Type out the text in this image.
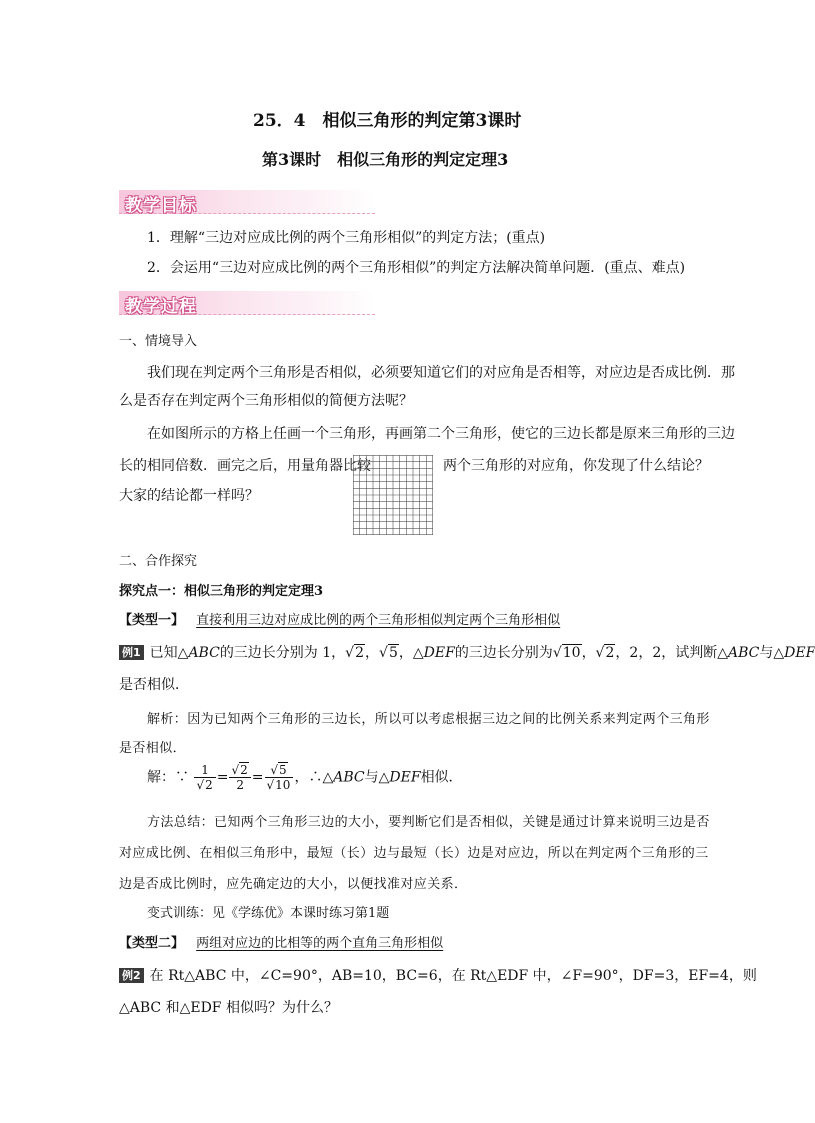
25．4　相似三角形的判定第3课时
第3课时　相似三角形的判定定理3
教学目标
1．理解“三边对应成比例的两个三角形相似”的判定方法；(重点)
2．会运用“三边对应成比例的两个三角形相似”的判定方法解决简单问题．(重点、难点)
教学过程
一、情境导入
我们现在判定两个三角形是否相似，必须要知道它们的对应角是否相等，对应边是否成比例．那
么是否存在判定两个三角形相似的简便方法呢？
在如图所示的方格上任画一个三角形，再画第二个三角形，使它的三边长都是原来三角形的三边
长的相同倍数．画完之后，用量角器比较	两个三角形的对应角，你发现了什么结论？
大家的结论都一样吗？
二、合作探究
探究点一：相似三角形的判定定理3
【类型一】 直接利用三边对应成比例的两个三角形相似判定两个三角形相似
例1 已知△ABC的三边长分别为 1，√2，√5，△DEF的三边长分别为√10，√2，2，2，试判断△ABC与△DEF
是否相似．
解析：因为已知两个三角形的三边长，所以可以考虑根据三边之间的比例关系来判定两个三角形
是否相似．
解：∵ $\frac{1}{√2} = \frac{√2}{2} = \frac{√5}{√10}$ ，∴△ABC与△DEF相似．
方法总结：已知两个三角形三边的大小，要判断它们是否相似，关键是通过计算来说明三边是否
对应成比例、在相似三角形中，最短（长）边与最短（长）边是对应边，所以在判定两个三角形的三
边是否成比例时，应先确定边的大小，以便找准对应关系．
变式训练：见《学练优》本课时练习第1题
【类型二】 两组对应边的比相等的两个直角三角形相似
例2 在 Rt△ABC 中，∠C=90°，AB=10，BC=6，在 Rt△EDF 中，∠F=90°，DF=3，EF=4，则
△ABC 和△EDF 相似吗？为什么？
